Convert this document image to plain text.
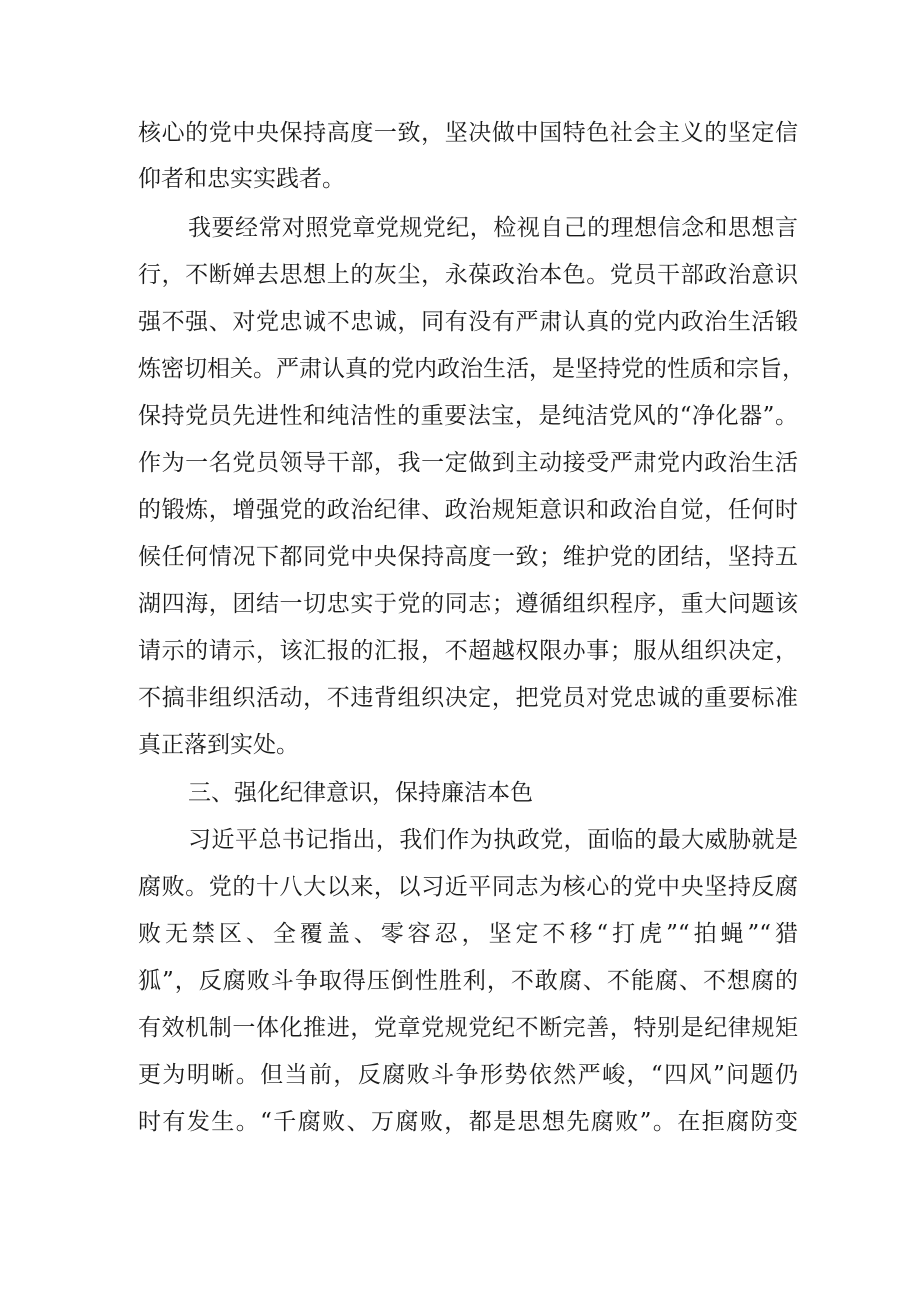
核心的党中央保持高度一致，坚决做中国特色社会主义的坚定信
仰者和忠实实践者。
我要经常对照党章党规党纪，检视自己的理想信念和思想言
行，不断婵去思想上的灰尘，永葆政治本色。党员干部政治意识
强不强、对党忠诚不忠诚，同有没有严肃认真的党内政治生活锻
炼密切相关。严肃认真的党内政治生活，是坚持党的性质和宗旨，
保持党员先进性和纯洁性的重要法宝，是纯洁党风的“净化器”。
作为一名党员领导干部，我一定做到主动接受严肃党内政治生活
的锻炼，增强党的政治纪律、政治规矩意识和政治自觉，任何时
候任何情况下都同党中央保持高度一致；维护党的团结，坚持五
湖四海，团结一切忠实于党的同志；遵循组织程序，重大问题该
请示的请示，该汇报的汇报，不超越权限办事；服从组织决定，
不搞非组织活动，不违背组织决定，把党员对党忠诚的重要标准
真正落到实处。
三、强化纪律意识，保持廉洁本色
习近平总书记指出，我们作为执政党，面临的最大威胁就是
腐败。党的十八大以来，以习近平同志为核心的党中央坚持反腐
败无禁区、全覆盖、零容忍，坚定不移“打虎”“拍蝇”“猎
狐”，反腐败斗争取得压倒性胜利，不敢腐、不能腐、不想腐的
有效机制一体化推进，党章党规党纪不断完善，特别是纪律规矩
更为明晰。但当前，反腐败斗争形势依然严峻，“四风”问题仍
时有发生。“千腐败、万腐败，都是思想先腐败”。在拒腐防变
